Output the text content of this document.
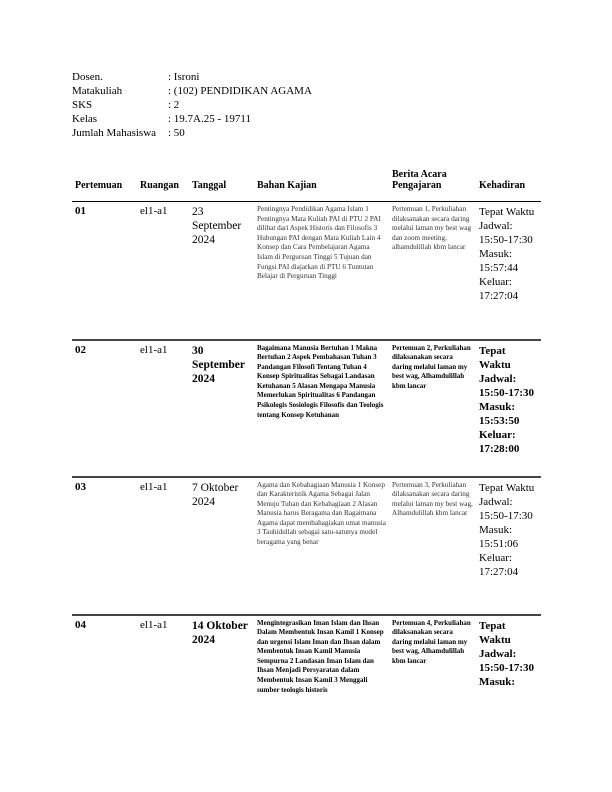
Dosen.	: Isroni
Matakuliah	: (102) PENDIDIKAN AGAMA
SKS	: 2
Kelas	: 19.7A.25 - 19711
Jumlah Mahasiswa	: 50
Pertemuan	Ruangan	Tanggal	Bahan Kajian	Berita Acara Pengajaran	Kehadiran
01	el1-a1	23 September 2024	Pentingnya Pendidikan Agama Islam 1 Pentingnya Mata Kuliah PAI di PTU 2 PAI dilihat dari Aspek Historis dan Filosofis 3 Hubungan PAI dengan Mata Kuliah Lain 4 Konsep dan Cara Pembelajaran Agama Islam di Perguruan Tinggi 5 Tujuan dan Fungsi PAI diajarkan di PTU 6 Tuntutan Belajar di Perguruan Tinggi	Pertemuan 1, Perkuliahan dilaksanakan secara daring melalui laman my best wag dan zoom meeting, alhamdulillah kbm lancar	Tepat Waktu Jadwal: 15:50-17:30 Masuk: 15:57:44 Keluar: 17:27:04
02	el1-a1	30 September 2024	Bagaimana Manusia Bertuhan 1 Makna Bertuhan 2 Aspek Pembahasan Tuhan 3 Pandangan Filosofi Tentang Tuhan 4 Konsep Spiritualitas Sebagai Landasan Ketuhanan 5 Alasan Mengapa Manusia Memerlukan Spiritualitas 6 Pandangan Psikologis Sosiologis Filosofis dan Teologis tentang Konsep Ketuhanan	Pertemuan 2, Perkuliahan dilaksanakan secara daring melalui laman my best wag, Alhamdulillah kbm lancar	Tepat Waktu Jadwal: 15:50-17:30 Masuk: 15:53:50 Keluar: 17:28:00
03	el1-a1	7 Oktober 2024	Agama dan Kebahagiaan Manusia 1 Konsep dan Karakteristik Agama Sebagai Jalan Menuju Tuhan dan Kebahagiaan 2 Alasan Manusia harus Beragama dan Bagaimana Agama dapat membahagiakan umat manusia 3 Tauhidullah sebagai satu-satunya model beragama yang benar	Pertemuan 3, Perkuliahan dilaksanakan secara daring melalui laman my best wag, Alhamdulillah kbm lancar	Tepat Waktu Jadwal: 15:50-17:30 Masuk: 15:51:06 Keluar: 17:27:04
04	el1-a1	14 Oktober 2024	Mengintegrasikan Iman Islam dan Ihsan Dalam Membentuk Insan Kamil 1 Konsep dan urgensi Islam Iman dan Ihsan dalam Membentuk Insan Kamil Manusia Sempurna 2 Landasan Iman Islam dan Ihsan Menjadi Persyaratan dalam Membentuk Insan Kamil 3 Menggali sumber teologis historis	Pertemuan 4, Perkuliahan dilaksanakan secara daring melalui laman my best wag, Alhamdulillah kbm lancar	Tepat Waktu Jadwal: 15:50-17:30 Masuk:
